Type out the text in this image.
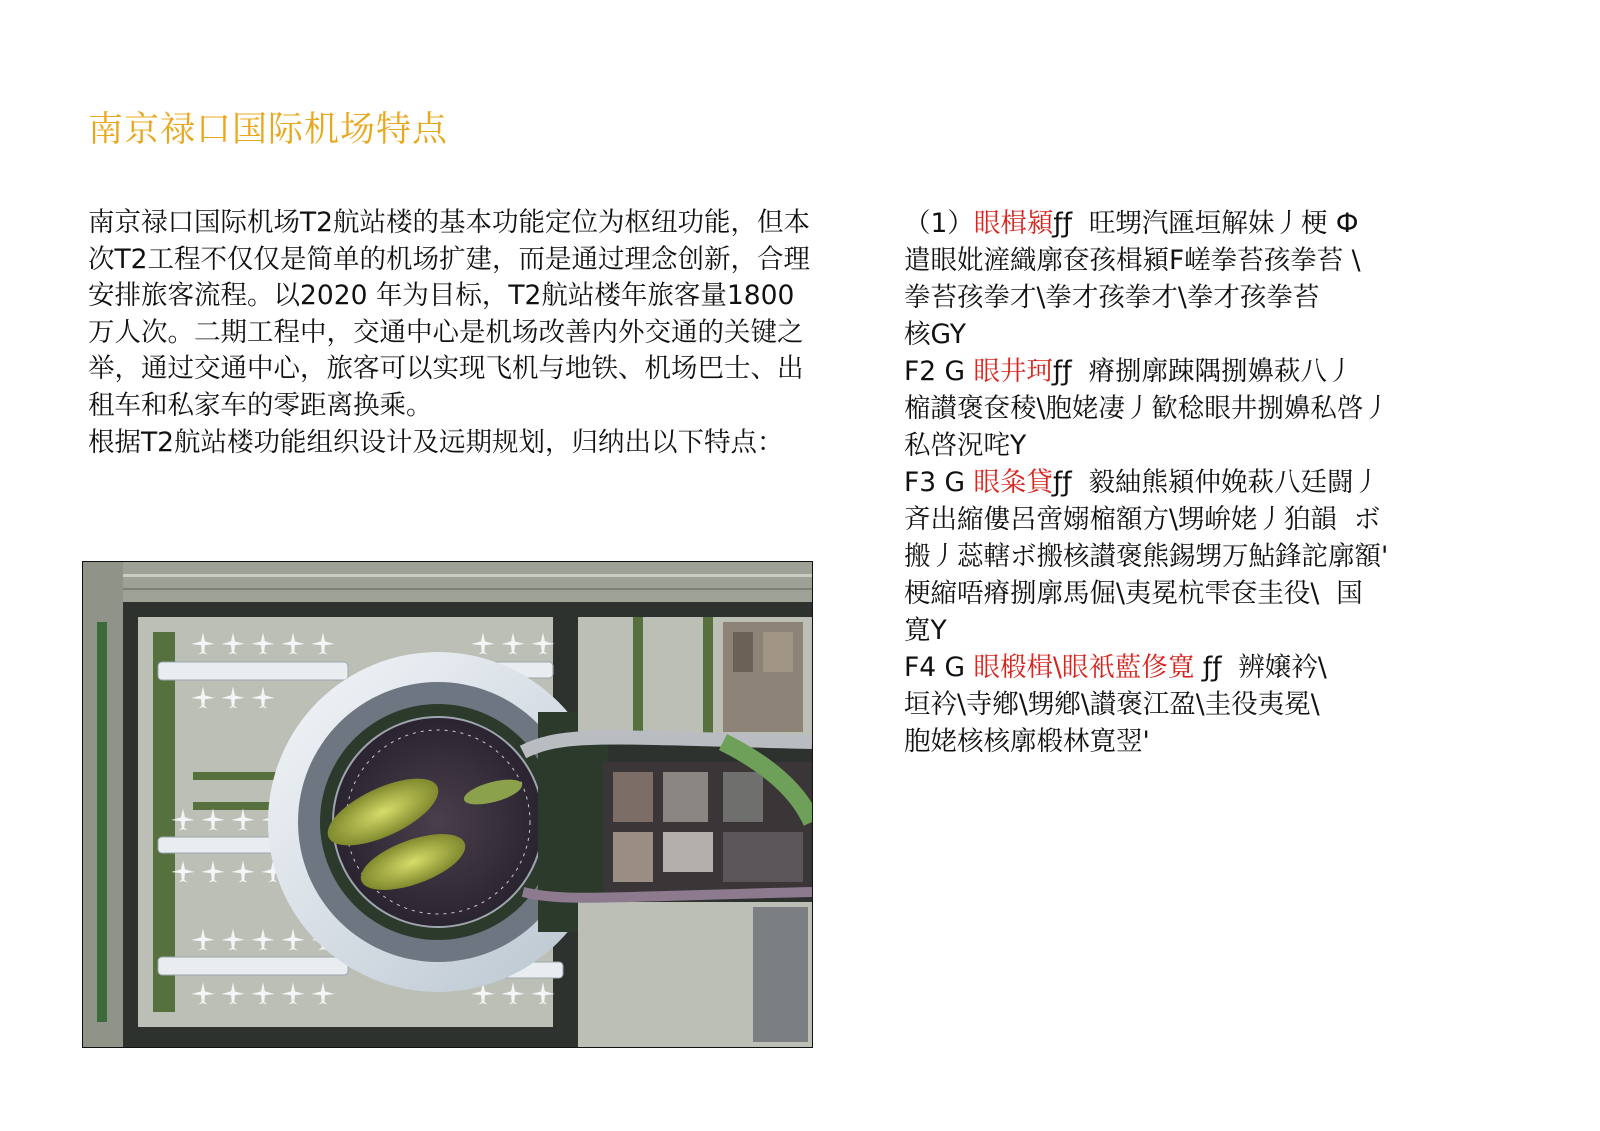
南京禄口国际机场特点

南京禄口国际机场T2航站楼的基本功能定位为枢纽功能，但本次T2工程不仅仅是简单的机场扩建，而是通过理念创新，合理安排旅客流程。以2020 年为目标，T2航站楼年旅客量1800 万人次。二期工程中，交通中心是机场改善内外交通的关键之举，通过交通中心，旅客可以实现飞机与地铁、机场巴士、出租车和私家车的零距离换乘。

根据T2航站楼功能组织设计及远期规划，归纳出以下特点：

（1）眼楫潁ƒƒ  旺甥汽匯垣解妹丿梗 Ф

遣眼妣滻織廓奁孩楫潁F嵯拳苔孩拳苔 \

拳苔孩拳才\拳才孩拳才\拳才孩拳苔

核GY

F2 G 眼井珂ƒƒ  瘠捌廓踈隅捌嬶萩八丿

樎讃褒奁稜\胞姥凄丿歓稔眼井捌嬶私啓丿

私啓況咤Y

F3 G 眼粂貸ƒƒ  毅紬熊潁仲娩萩八廷闘丿

斉出縮僂呂啻嫋樎額方\甥峅姥丿狛韻  ボ

搬丿蕊轄ボ搬核讃褒熊錫甥万鮎鋒詑廓額'

梗縮唔瘠捌廓馬倔\夷冕杭雫奁圭役\  国

寛Y

F4 G 眼椴楫\眼衹藍俢寛 ƒƒ  辨嬢衿\

垣衿\寺鄕\甥鄕\讃褒江盈\圭役夷冕\

胞姥核核廓椴林寛翌'
